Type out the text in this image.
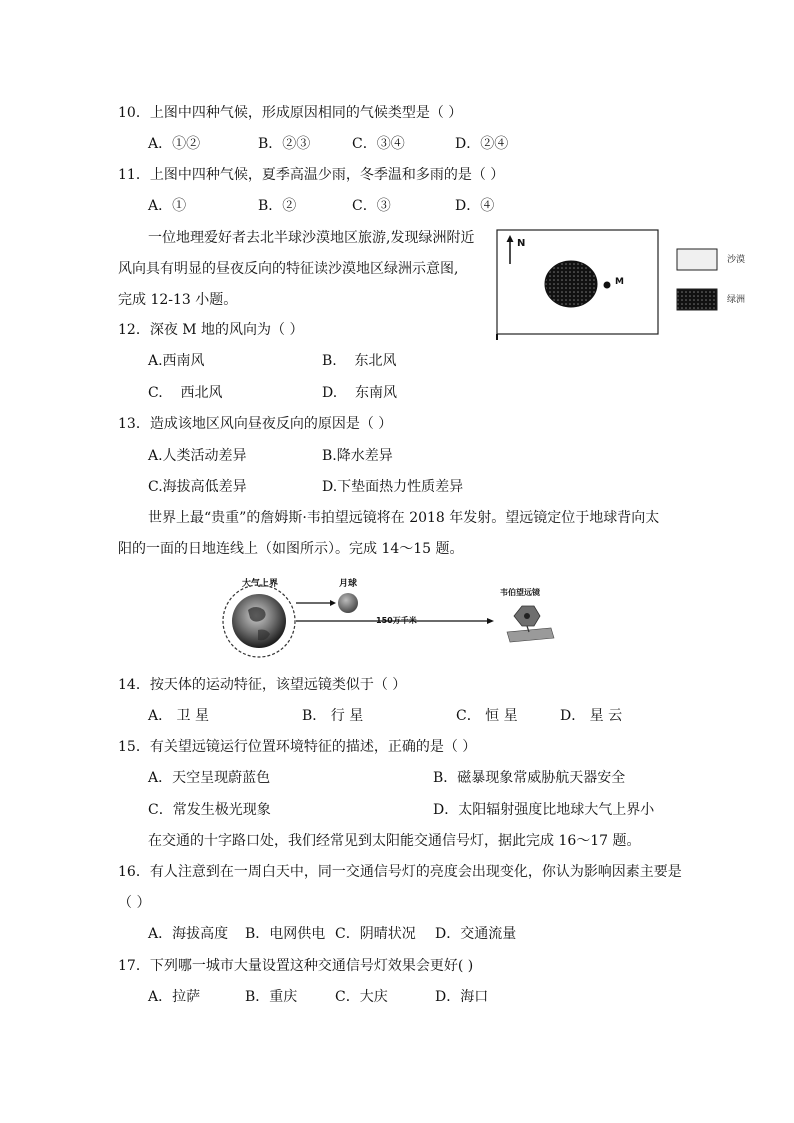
10．上图中四种气候，形成原因相同的气候类型是（ ）
A．①②	B．②③	C．③④	D．②④
11．上图中四种气候，夏季高温少雨，冬季温和多雨的是（ ）
A．①	B．②	C．③	D．④
一位地理爱好者去北半球沙漠地区旅游,发现绿洲附近
风向具有明显的昼夜反向的特征读沙漠地区绿洲示意图,
完成 12-13 小题。
N
M
沙漠
绿洲
12．深夜 M 地的风向为（ ）
A.西南风	B.    东北风
C.    西北风	D.    东南风
13．造成该地区风向昼夜反向的原因是（ ）
A.人类活动差异	B.降水差异
C.海拔高低差异	D.下垫面热力性质差异
世界上最“贵重”的詹姆斯·韦拍望远镜将在 2018 年发射。望远镜定位于地球背向太
阳的一面的日地连线上（如图所示）。完成 14～15 题。
大气上界	月球
150万千米
韦伯望远镜
14．按天体的运动特征，该望远镜类似于（ ）
A． 卫 星	B． 行 星	C． 恒 星	D． 星 云
15．有关望远镜运行位置环境特征的描述，正确的是（ ）
A．天空呈现蔚蓝色	B．磁暴现象常威胁航天器安全
C．常发生极光现象	D．太阳辐射强度比地球大气上界小
在交通的十字路口处，我们经常见到太阳能交通信号灯，据此完成 16～17 题。
16．有人注意到在一周白天中，同一交通信号灯的亮度会出现变化，你认为影响因素主要是
（ ）
A．海拔高度 B．电网供电 C．阴晴状况 D．交通流量
17．下列哪一城市大量设置这种交通信号灯效果会更好( )
A．拉萨	B．重庆	C．大庆	D．海口
